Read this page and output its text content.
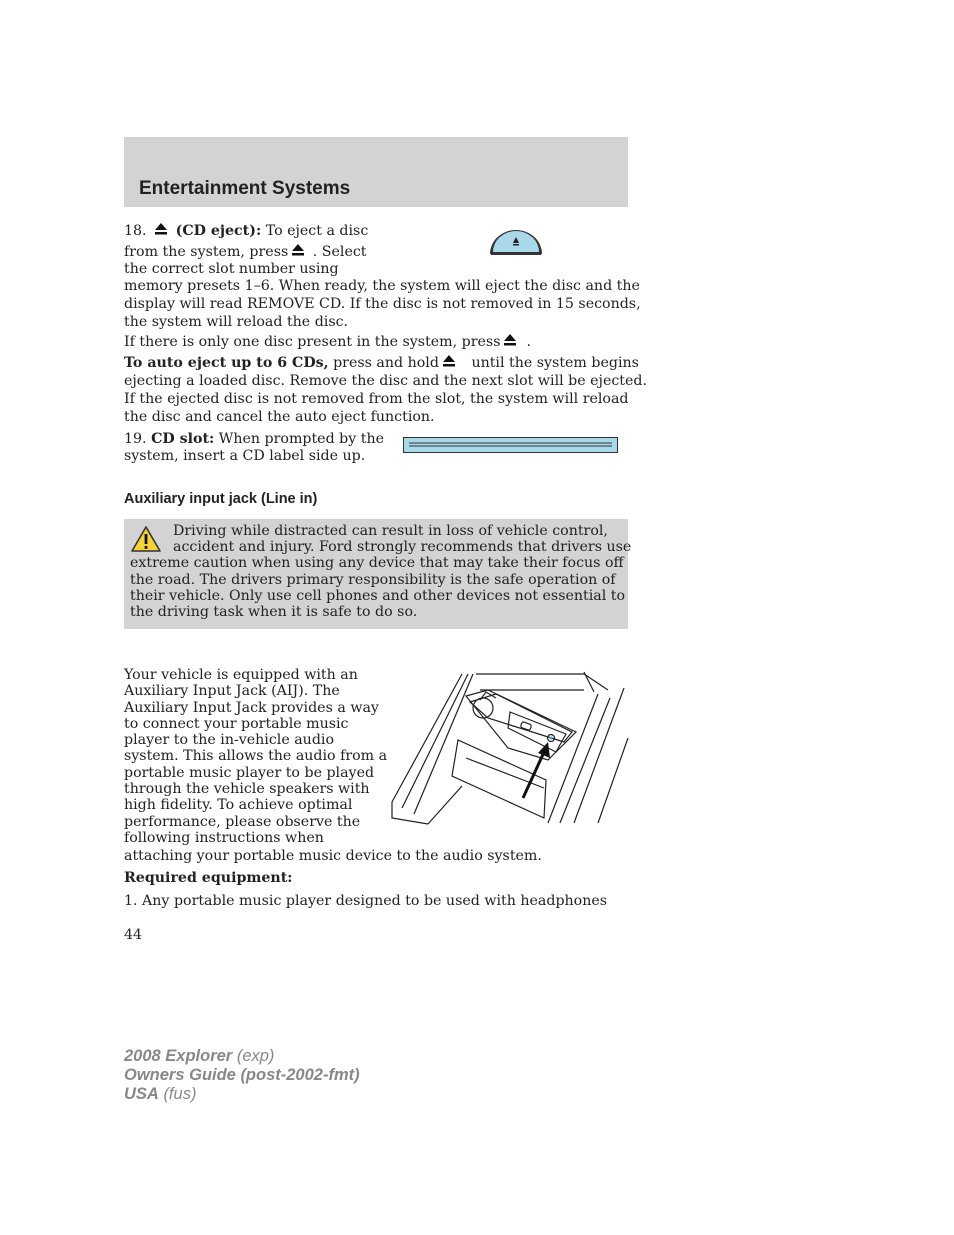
Entertainment Systems
18. (CD eject): To eject a disc
from the system, press . Select
the correct slot number using
memory presets 1–6. When ready, the system will eject the disc and the
display will read REMOVE CD. If the disc is not removed in 15 seconds,
the system will reload the disc.
If there is only one disc present in the system, press .
To auto eject up to 6 CDs, press and hold until the system begins
ejecting a loaded disc. Remove the disc and the next slot will be ejected.
If the ejected disc is not removed from the slot, the system will reload
the disc and cancel the auto eject function.
19. CD slot: When prompted by the
system, insert a CD label side up.
Auxiliary input jack (Line in)
Driving while distracted can result in loss of vehicle control,
accident and injury. Ford strongly recommends that drivers use
extreme caution when using any device that may take their focus off
the road. The drivers primary responsibility is the safe operation of
their vehicle. Only use cell phones and other devices not essential to
the driving task when it is safe to do so.
Your vehicle is equipped with an
Auxiliary Input Jack (AIJ). The
Auxiliary Input Jack provides a way
to connect your portable music
player to the in-vehicle audio
system. This allows the audio from a
portable music player to be played
through the vehicle speakers with
high fidelity. To achieve optimal
performance, please observe the
following instructions when
attaching your portable music device to the audio system.
Required equipment:
1. Any portable music player designed to be used with headphones
44
2008 Explorer (exp)
Owners Guide (post-2002-fmt)
USA (fus)
